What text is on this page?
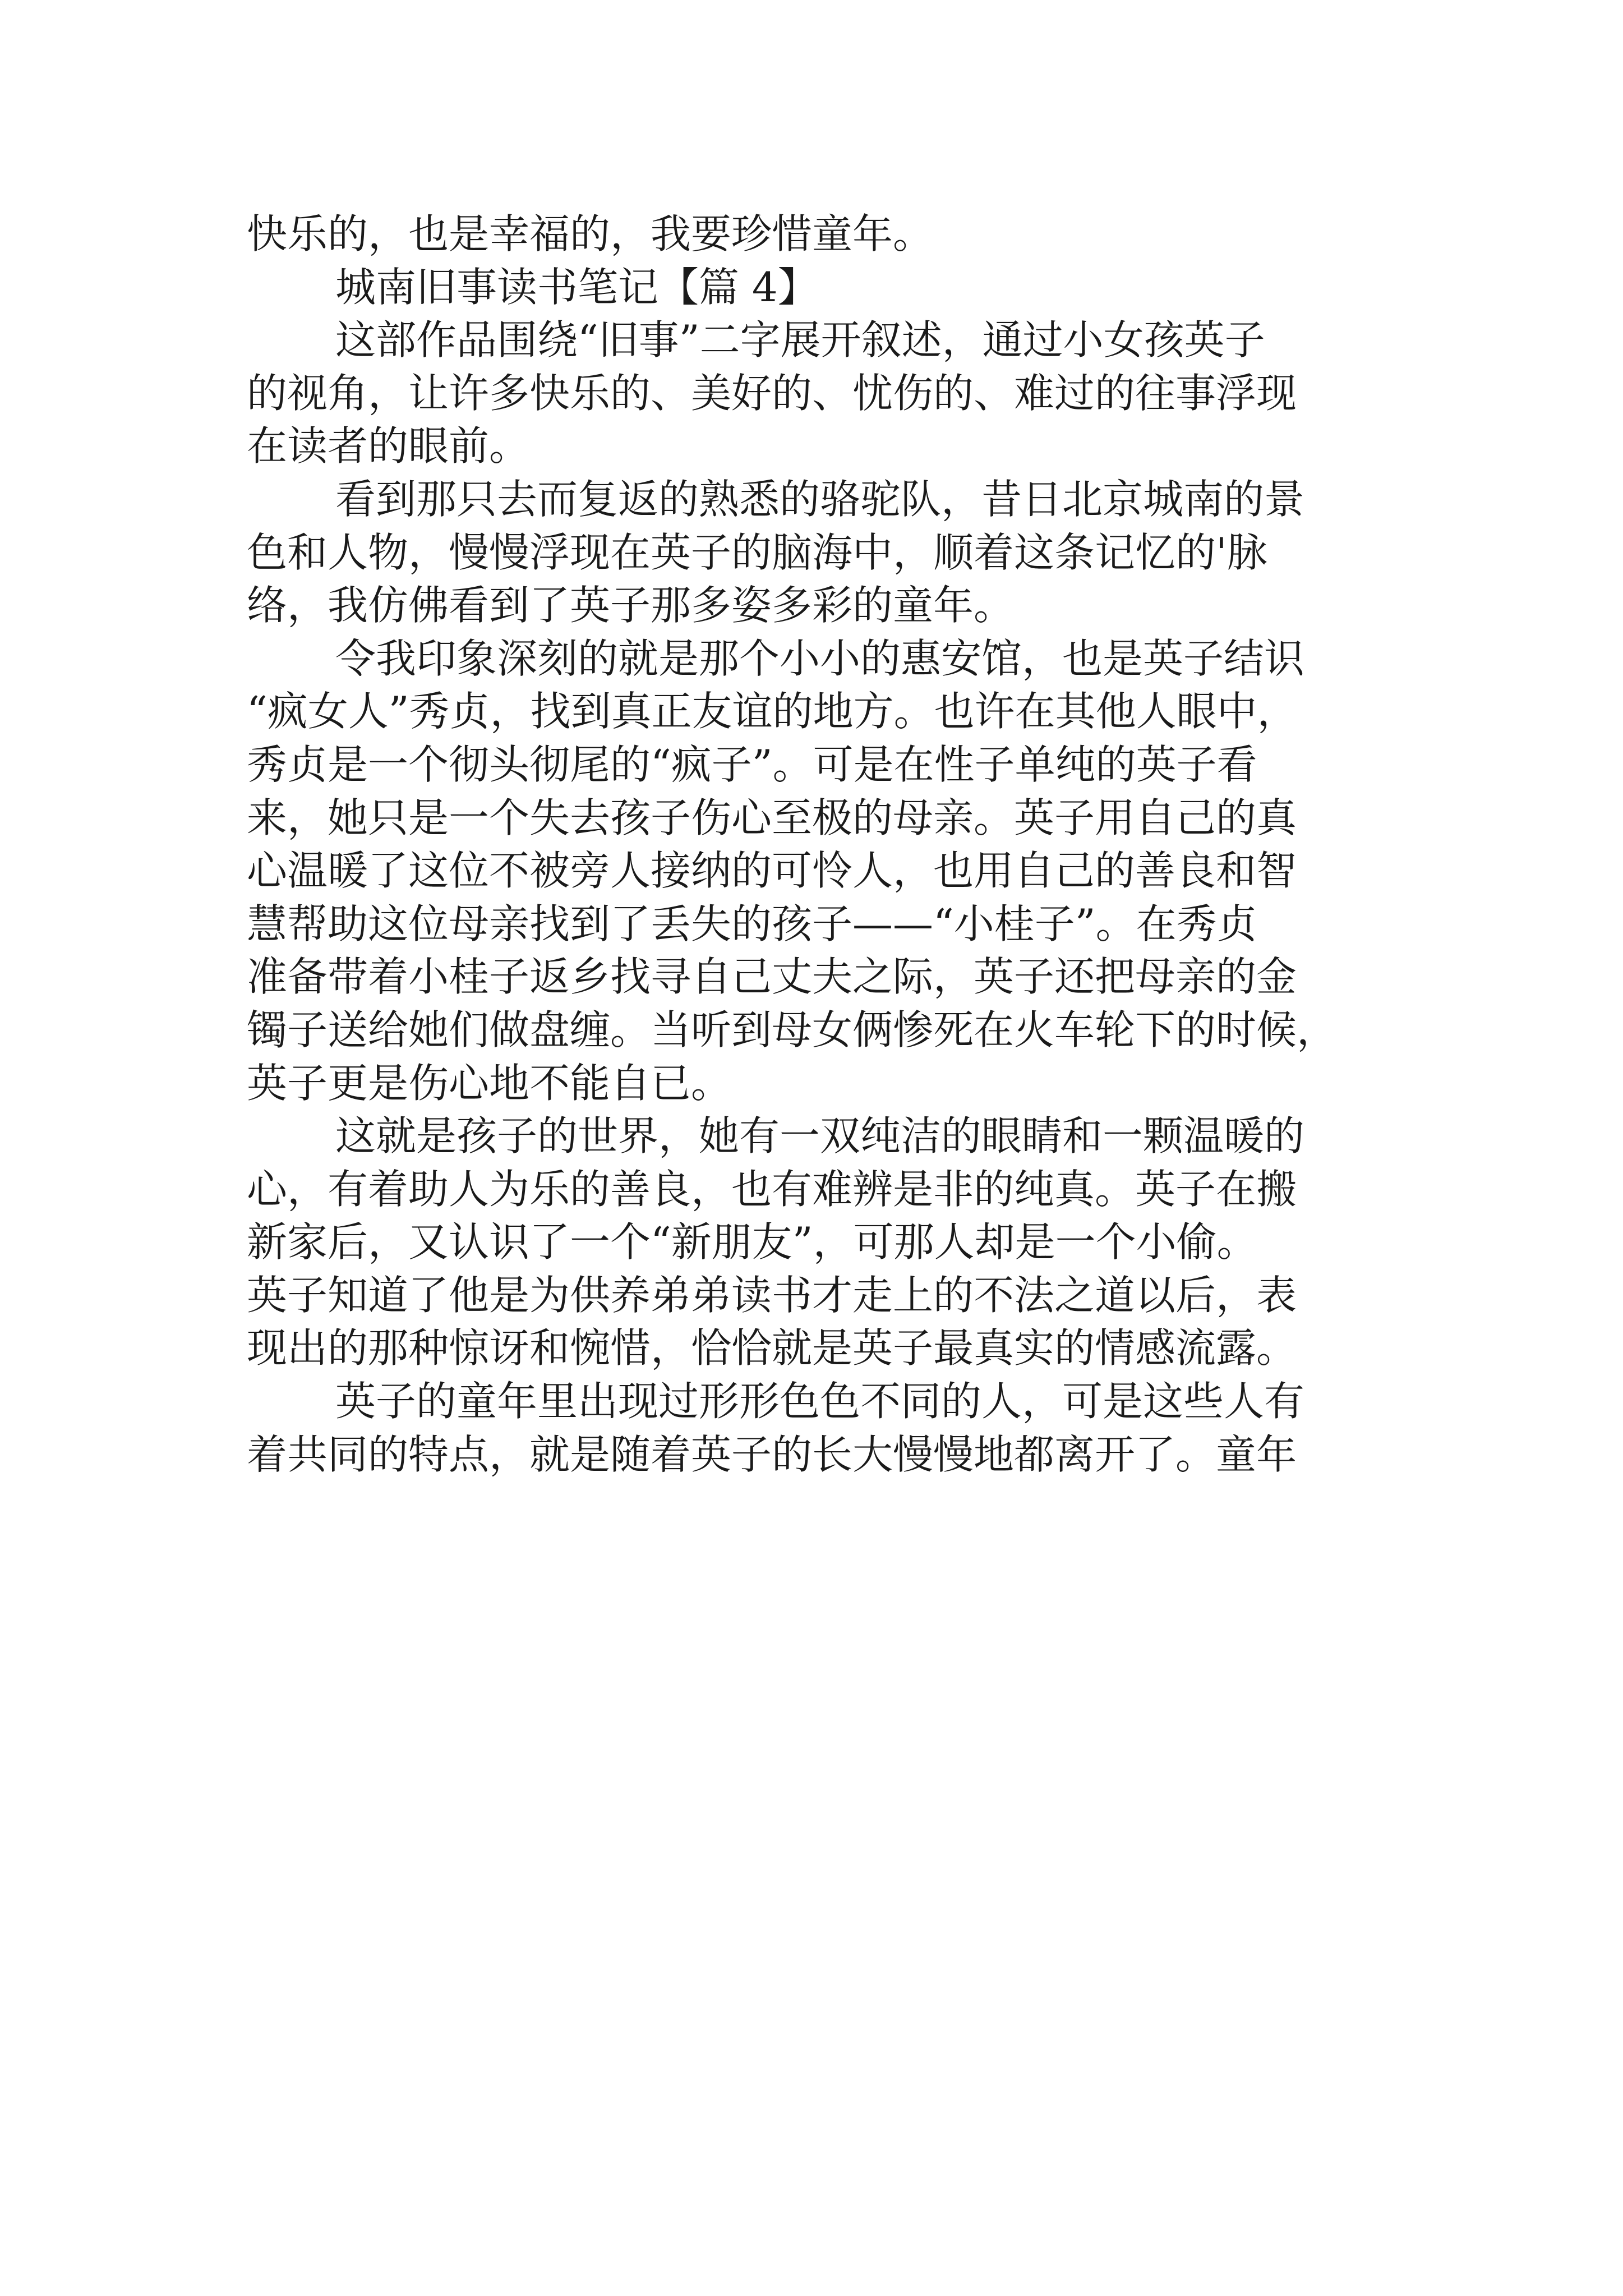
快乐的，也是幸福的，我要珍惜童年。
城南旧事读书笔记【篇 4】
这部作品围绕“旧事”二字展开叙述，通过小女孩英子
的视角，让许多快乐的、美好的、忧伤的、难过的往事浮现
在读者的眼前。
看到那只去而复返的熟悉的骆驼队，昔日北京城南的景
色和人物，慢慢浮现在英子的脑海中，顺着这条记忆的'脉
络，我仿佛看到了英子那多姿多彩的童年。
令我印象深刻的就是那个小小的惠安馆，也是英子结识
“疯女人”秀贞，找到真正友谊的地方。也许在其他人眼中，
秀贞是一个彻头彻尾的“疯子”。可是在性子单纯的英子看
来，她只是一个失去孩子伤心至极的母亲。英子用自己的真
心温暖了这位不被旁人接纳的可怜人，也用自己的善良和智
慧帮助这位母亲找到了丢失的孩子——“小桂子”。在秀贞
准备带着小桂子返乡找寻自己丈夫之际，英子还把母亲的金
镯子送给她们做盘缠。当听到母女俩惨死在火车轮下的时候，
英子更是伤心地不能自已。
这就是孩子的世界，她有一双纯洁的眼睛和一颗温暖的
心，有着助人为乐的善良，也有难辨是非的纯真。英子在搬
新家后，又认识了一个“新朋友”，可那人却是一个小偷。
英子知道了他是为供养弟弟读书才走上的不法之道以后，表
现出的那种惊讶和惋惜，恰恰就是英子最真实的情感流露。
英子的童年里出现过形形色色不同的人，可是这些人有
着共同的特点，就是随着英子的长大慢慢地都离开了。童年
